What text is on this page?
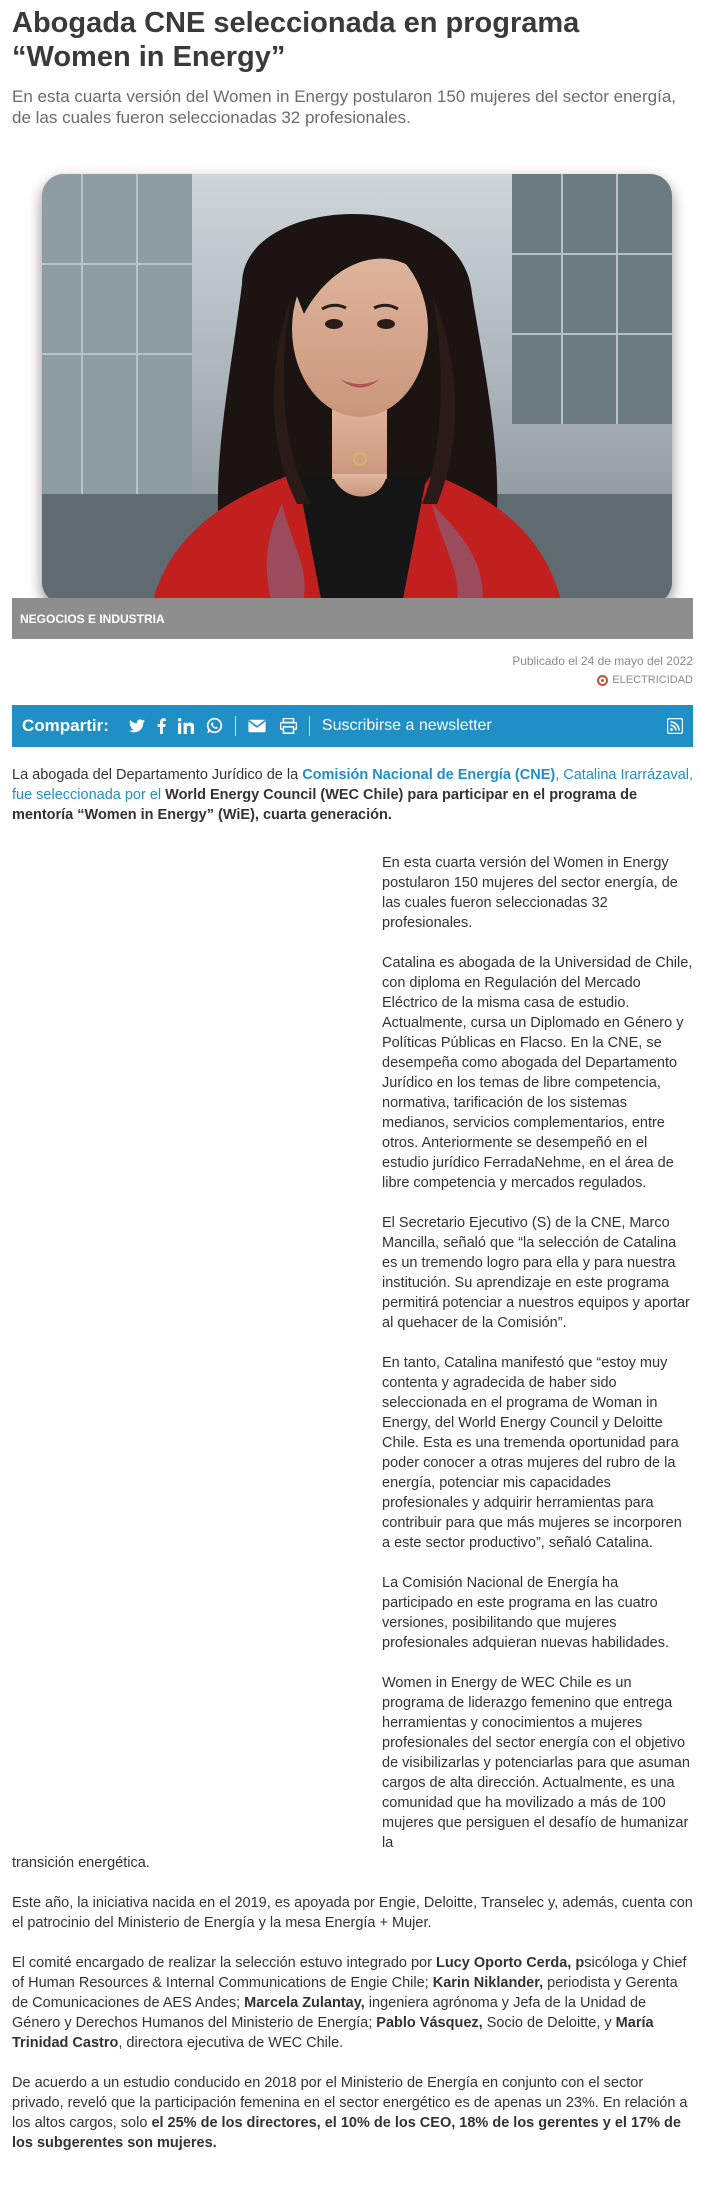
Abogada CNE seleccionada en programa “Women in Energy”

En esta cuarta versión del Women in Energy postularon 150 mujeres del sector energía, de las cuales fueron seleccionadas 32 profesionales.

NEGOCIOS E INDUSTRIA
Publicado el 24 de mayo del 2022
ELECTRICIDAD
Compartir:	Suscribirse a newsletter

La abogada del Departamento Jurídico de la Comisión Nacional de Energía (CNE), Catalina Irarrázaval, fue seleccionada por el World Energy Council (WEC Chile) para participar en el programa de mentoría “Women in Energy” (WiE), cuarta generación.

En esta cuarta versión del Women in Energy postularon 150 mujeres del sector energía, de las cuales fueron seleccionadas 32 profesionales.

Catalina es abogada de la Universidad de Chile, con diploma en Regulación del Mercado Eléctrico de la misma casa de estudio. Actualmente, cursa un Diplomado en Género y Políticas Públicas en Flacso. En la CNE, se desempeña como abogada del Departamento Jurídico en los temas de libre competencia, normativa, tarificación de los sistemas medianos, servicios complementarios, entre otros. Anteriormente se desempeñó en el estudio jurídico FerradaNehme, en el área de libre competencia y mercados regulados.

El Secretario Ejecutivo (S) de la CNE, Marco Mancilla, señaló que “la selección de Catalina es un tremendo logro para ella y para nuestra institución. Su aprendizaje en este programa permitirá potenciar a nuestros equipos y aportar al quehacer de la Comisión”.

En tanto, Catalina manifestó que “estoy muy contenta y agradecida de haber sido seleccionada en el programa de Woman in Energy, del World Energy Council y Deloitte Chile. Esta es una tremenda oportunidad para poder conocer a otras mujeres del rubro de la energía, potenciar mis capacidades profesionales y adquirir herramientas para contribuir para que más mujeres se incorporen a este sector productivo”, señaló Catalina.

La Comisión Nacional de Energía ha participado en este programa en las cuatro versiones, posibilitando que mujeres profesionales adquieran nuevas habilidades.

Women in Energy de WEC Chile es un programa de liderazgo femenino que entrega herramientas y conocimientos a mujeres profesionales del sector energía con el objetivo de visibilizarlas y potenciarlas para que asuman cargos de alta dirección. Actualmente, es una comunidad que ha movilizado a más de 100 mujeres que persiguen el desafío de humanizar la

transición energética.

Este año, la iniciativa nacida en el 2019, es apoyada por Engie, Deloitte, Transelec y, además, cuenta con el patrocinio del Ministerio de Energía y la mesa Energía + Mujer.

El comité encargado de realizar la selección estuvo integrado por Lucy Oporto Cerda, psicóloga y Chief of Human Resources & Internal Communications de Engie Chile; Karin Niklander, periodista y Gerenta de Comunicaciones de AES Andes; Marcela Zulantay, ingeniera agrónoma y Jefa de la Unidad de Género y Derechos Humanos del Ministerio de Energía; Pablo Vásquez, Socio de Deloitte, y María Trinidad Castro, directora ejecutiva de WEC Chile.

De acuerdo a un estudio conducido en 2018 por el Ministerio de Energía en conjunto con el sector privado, reveló que la participación femenina en el sector energético es de apenas un 23%. En relación a los altos cargos, solo el 25% de los directores, el 10% de los CEO, 18% de los gerentes y el 17% de los subgerentes son mujeres.
